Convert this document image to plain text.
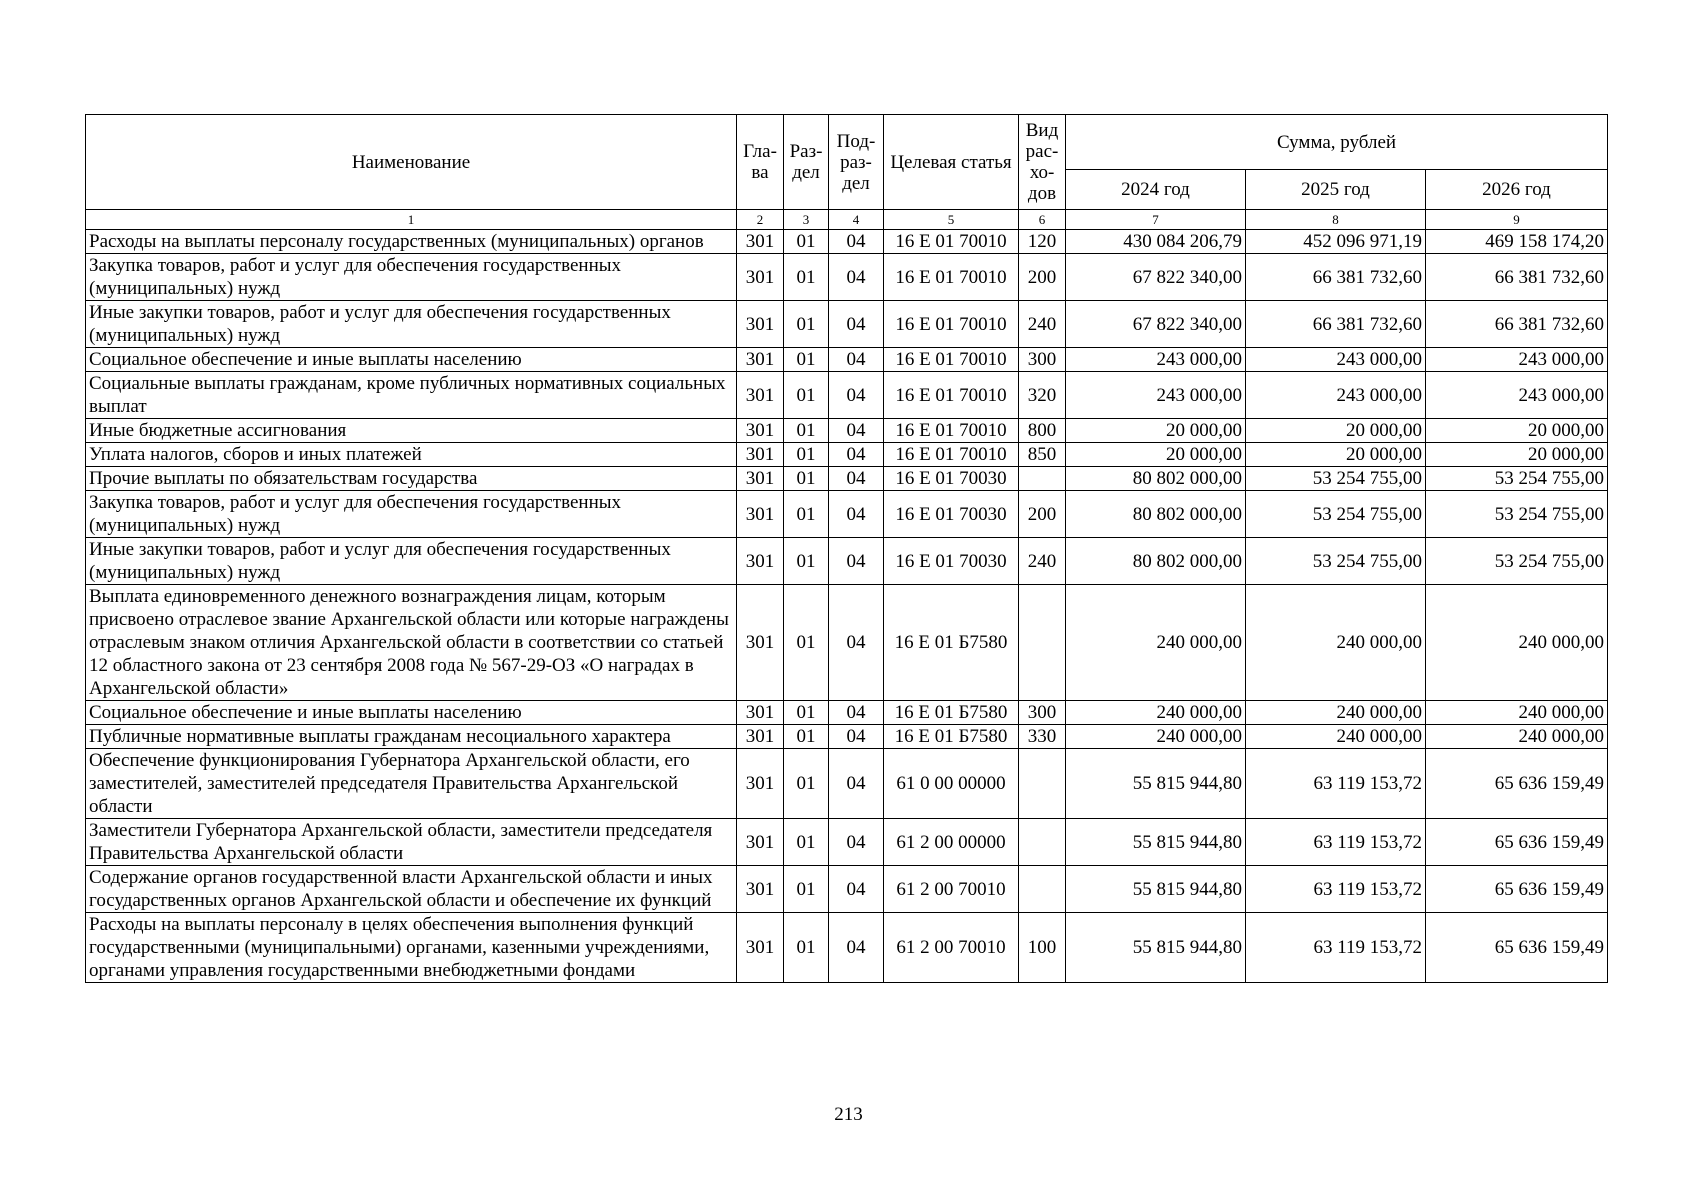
Наименование	Гла-ва	Раз-дел	Под-раз-дел	Целевая статья	Вид рас-хо-дов	Сумма, рублей		
						2024 год	2025 год	2026 год
1	2	3	4	5	6	7	8	9
Расходы на выплаты персоналу государственных (муниципальных) органов	301	01	04	16 Е 01 70010	120	430 084 206,79	452 096 971,19	469 158 174,20
Закупка товаров, работ и услуг для обеспечения государственных (муниципальных) нужд	301	01	04	16 Е 01 70010	200	67 822 340,00	66 381 732,60	66 381 732,60
Иные закупки товаров, работ и услуг для обеспечения государственных (муниципальных) нужд	301	01	04	16 Е 01 70010	240	67 822 340,00	66 381 732,60	66 381 732,60
Социальное обеспечение и иные выплаты населению	301	01	04	16 Е 01 70010	300	243 000,00	243 000,00	243 000,00
Социальные выплаты гражданам, кроме публичных нормативных социальных выплат	301	01	04	16 Е 01 70010	320	243 000,00	243 000,00	243 000,00
Иные бюджетные ассигнования	301	01	04	16 Е 01 70010	800	20 000,00	20 000,00	20 000,00
Уплата налогов, сборов и иных платежей	301	01	04	16 Е 01 70010	850	20 000,00	20 000,00	20 000,00
Прочие выплаты по обязательствам государства	301	01	04	16 Е 01 70030		80 802 000,00	53 254 755,00	53 254 755,00
Закупка товаров, работ и услуг для обеспечения государственных (муниципальных) нужд	301	01	04	16 Е 01 70030	200	80 802 000,00	53 254 755,00	53 254 755,00
Иные закупки товаров, работ и услуг для обеспечения государственных (муниципальных) нужд	301	01	04	16 Е 01 70030	240	80 802 000,00	53 254 755,00	53 254 755,00
Выплата единовременного денежного вознаграждения лицам, которым присвоено отраслевое звание Архангельской области или которые награждены отраслевым знаком отличия Архангельской области в соответствии со статьей 12 областного закона от 23 сентября 2008 года № 567-29-ОЗ «О наградах в Архангельской области»	301	01	04	16 Е 01 Б7580		240 000,00	240 000,00	240 000,00
Социальное обеспечение и иные выплаты населению	301	01	04	16 Е 01 Б7580	300	240 000,00	240 000,00	240 000,00
Публичные нормативные выплаты гражданам несоциального характера	301	01	04	16 Е 01 Б7580	330	240 000,00	240 000,00	240 000,00
Обеспечение функционирования Губернатора Архангельской области, его заместителей, заместителей председателя Правительства Архангельской области	301	01	04	61 0 00 00000		55 815 944,80	63 119 153,72	65 636 159,49
Заместители Губернатора Архангельской области, заместители председателя Правительства Архангельской области	301	01	04	61 2 00 00000		55 815 944,80	63 119 153,72	65 636 159,49
Содержание органов государственной власти Архангельской области и иных государственных органов Архангельской области и обеспечение их функций	301	01	04	61 2 00 70010		55 815 944,80	63 119 153,72	65 636 159,49
Расходы на выплаты персоналу в целях обеспечения выполнения функций государственными (муниципальными) органами, казенными учреждениями, органами управления государственными внебюджетными фондами	301	01	04	61 2 00 70010	100	55 815 944,80	63 119 153,72	65 636 159,49
213
